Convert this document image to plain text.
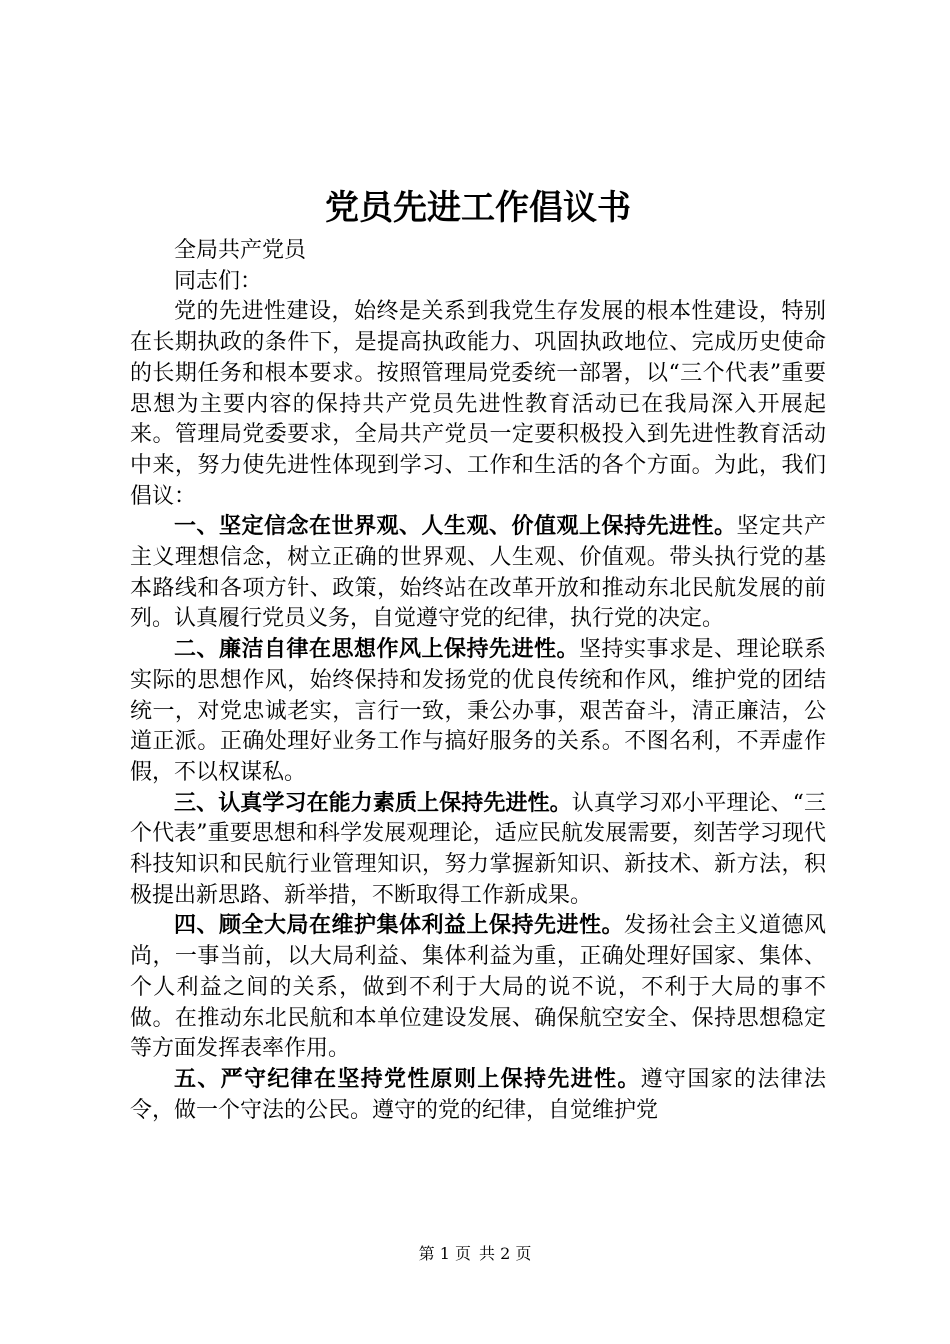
党员先进工作倡议书

全局共产党员

同志们：

党的先进性建设，始终是关系到我党生存发展的根本性建设，特别在长期执政的条件下，是提高执政能力、巩固执政地位、完成历史使命的长期任务和根本要求。按照管理局党委统一部署，以“三个代表”重要思想为主要内容的保持共产党员先进性教育活动已在我局深入开展起来。管理局党委要求，全局共产党员一定要积极投入到先进性教育活动中来，努力使先进性体现到学习、工作和生活的各个方面。为此，我们倡议：

一、坚定信念在世界观、人生观、价值观上保持先进性。坚定共产主义理想信念，树立正确的世界观、人生观、价值观。带头执行党的基本路线和各项方针、政策，始终站在改革开放和推动东北民航发展的前列。认真履行党员义务，自觉遵守党的纪律，执行党的决定。

二、廉洁自律在思想作风上保持先进性。坚持实事求是、理论联系实际的思想作风，始终保持和发扬党的优良传统和作风，维护党的团结统一，对党忠诚老实，言行一致，秉公办事，艰苦奋斗，清正廉洁，公道正派。正确处理好业务工作与搞好服务的关系。不图名利，不弄虚作假，不以权谋私。

三、认真学习在能力素质上保持先进性。认真学习邓小平理论、“三个代表”重要思想和科学发展观理论，适应民航发展需要，刻苦学习现代科技知识和民航行业管理知识，努力掌握新知识、新技术、新方法，积极提出新思路、新举措，不断取得工作新成果。

四、顾全大局在维护集体利益上保持先进性。发扬社会主义道德风尚，一事当前，以大局利益、集体利益为重，正确处理好国家、集体、个人利益之间的关系，做到不利于大局的说不说，不利于大局的事不做。在推动东北民航和本单位建设发展、确保航空安全、保持思想稳定等方面发挥表率作用。

五、严守纪律在坚持党性原则上保持先进性。遵守国家的法律法令，做一个守法的公民。遵守的党的纪律，自觉维护党

第 1 页 共 2 页
